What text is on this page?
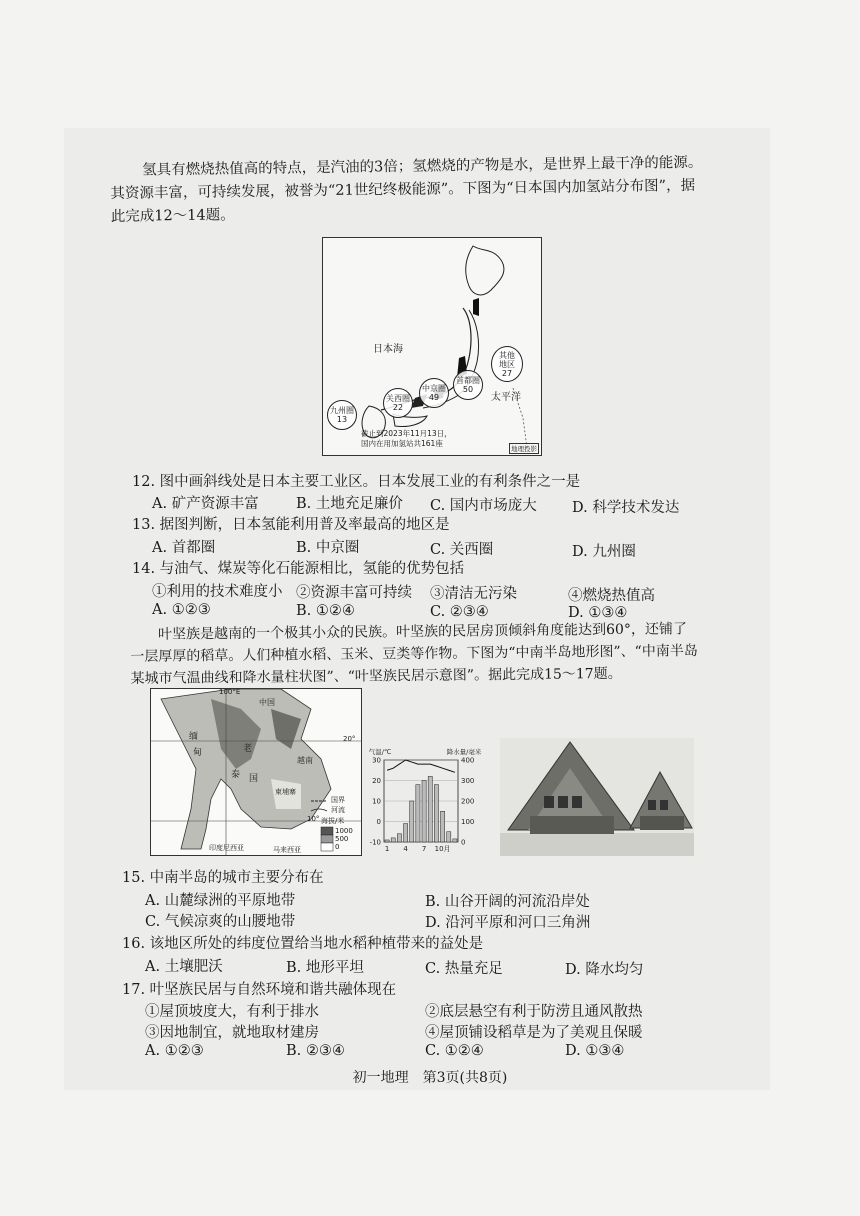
氢具有燃烧热值高的特点，是汽油的3倍；氢燃烧的产物是水，是世界上最干净的能源。
其资源丰富，可持续发展，被誉为“21世纪终极能源”。下图为“日本国内加氢站分布图”，据
此完成12～14题。
日本海
太平洋
其他
地区
27
首都圈
50
中京圈
49
关西圈
22
九州圈
13
截止到2023年11月13日，
国内在用加氢站共161座
地理投影
12. 图中画斜线处是日本主要工业区。日本发展工业的有利条件之一是
A. 矿产资源丰富	B. 土地充足廉价 C. 国内市场庞大 D. 科学技术发达
13. 据图判断，日本氢能利用普及率最高的地区是
A. 首都圈	B. 中京圈	C. 关西圈	D. 九州圈
14. 与油气、煤炭等化石能源相比，氢能的优势包括
①利用的技术难度小 ②资源丰富可持续 ③清洁无污染	④燃烧热值高
A. ①②③	B. ①②④	C. ②③④	D. ①③④
叶坚族是越南的一个极其小众的民族。叶坚族的民居房顶倾斜角度能达到60°，还铺了
一层厚厚的稻草。人们种植水稻、玉米、豆类等作物。下图为“中南半岛地形图”、“中南半岛
某城市气温曲线和降水量柱状图”、“叶坚族民居示意图”。据此完成15～17题。
100°E
20°
10°
中国
缅
甸	老
泰 国
柬埔寨
越南
国界
河流
海拔/米
1000
500
0
印度尼西亚	马来西亚
30
20
10
0
-10
400
300
200
100
0
1 4 7 10月
气温/℃	降水量/毫米
15. 中南半岛的城市主要分布在
A. 山麓绿洲的平原地带	B. 山谷开阔的河流沿岸处
C. 气候凉爽的山腰地带	D. 沿河平原和河口三角洲
16. 该地区所处的纬度位置给当地水稻种植带来的益处是
A. 土壤肥沃	B. 地形平坦	C. 热量充足	D. 降水均匀
17. 叶坚族民居与自然环境和谐共融体现在
①屋顶坡度大，有利于排水	②底层悬空有利于防涝且通风散热
③因地制宜，就地取材建房	④屋顶铺设稻草是为了美观且保暖
A. ①②③	B. ②③④	C. ①②④	D. ①③④
初一地理　第3页(共8页)
